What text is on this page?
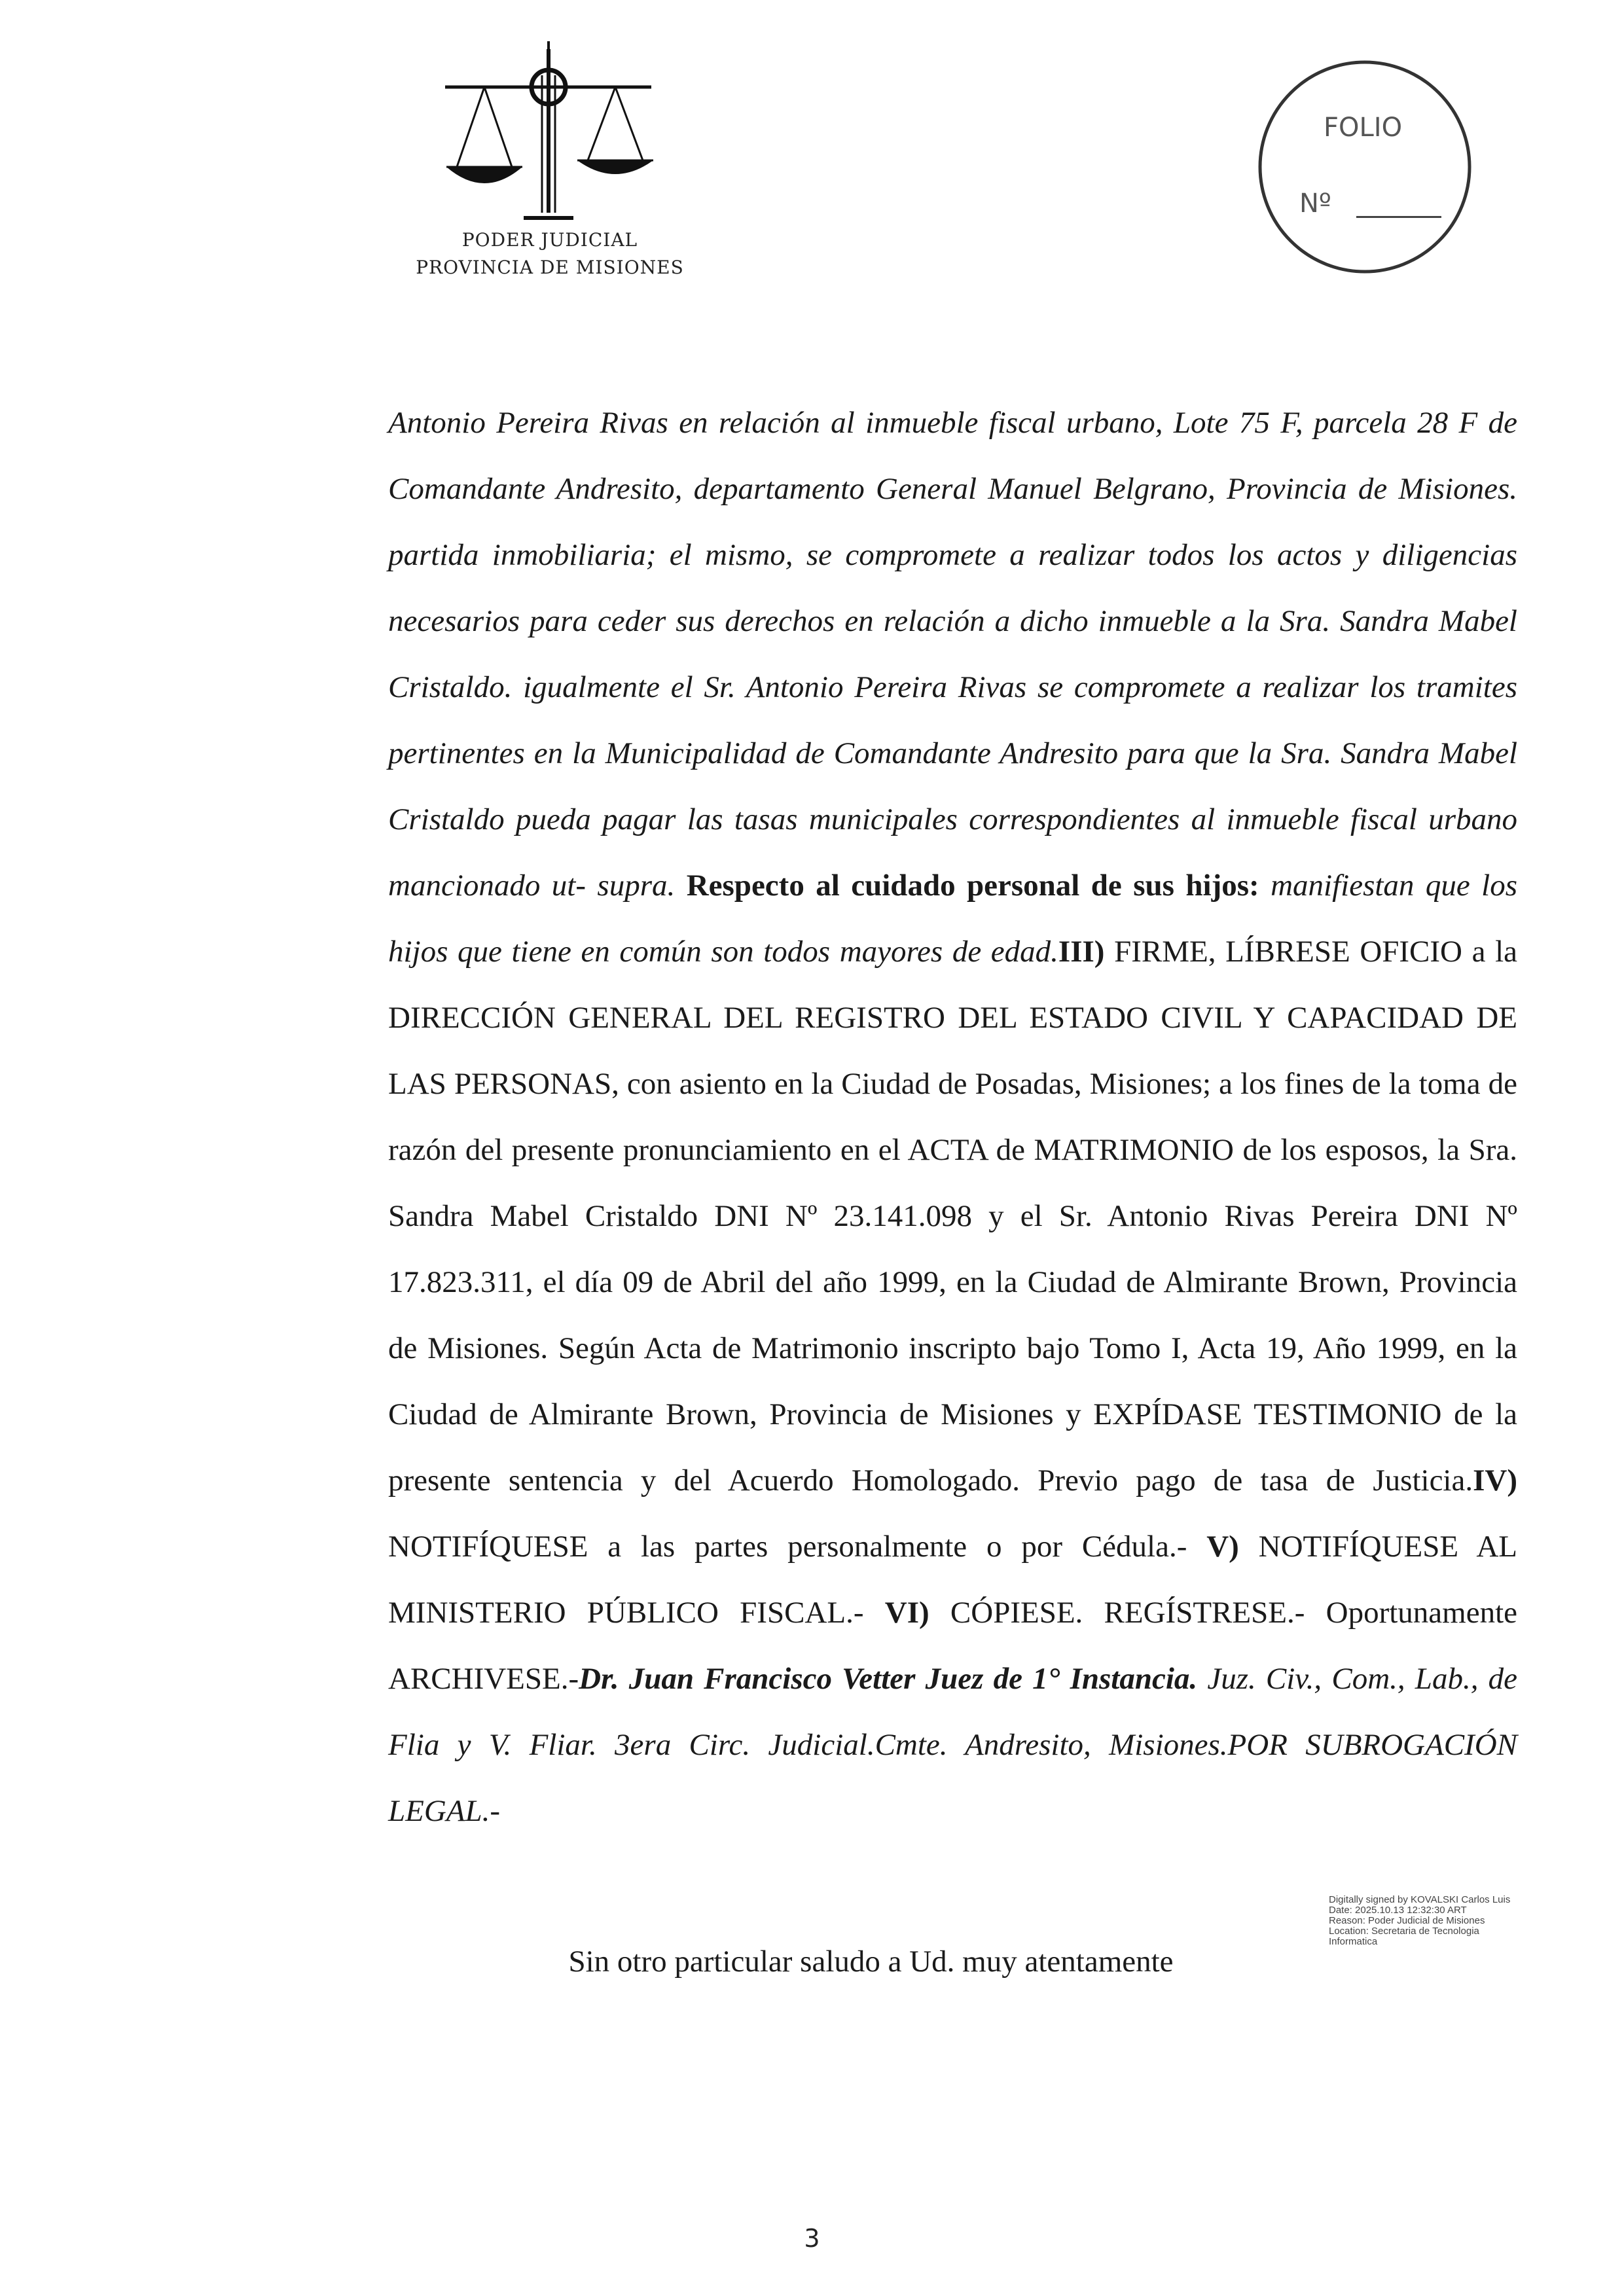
PODER JUDICIAL
PROVINCIA DE MISIONES
FOLIO
Nº
Antonio Pereira Rivas en relación al inmueble fiscal urbano, Lote 75 F, parcela 28 F de Comandante Andresito, departamento General Manuel Belgrano, Provincia de Misiones. partida inmobiliaria; el mismo, se compromete a realizar todos los actos y diligencias necesarios para ceder sus derechos en relación a dicho inmueble a la Sra. Sandra Mabel Cristaldo. igualmente el Sr. Antonio Pereira Rivas se compromete a realizar los tramites pertinentes en la Municipalidad de Comandante Andresito para que la Sra. Sandra Mabel Cristaldo pueda pagar las tasas municipales correspondientes al inmueble fiscal urbano mancionado ut- supra. Respecto al cuidado personal de sus hijos: manifiestan que los hijos que tiene en común son todos mayores de edad.III) FIRME, LÍBRESE OFICIO a la DIRECCIÓN GENERAL DEL REGISTRO DEL ESTADO CIVIL Y CAPACIDAD DE LAS PERSONAS, con asiento en la Ciudad de Posadas, Misiones; a los fines de la toma de razón del presente pronunciamiento en el ACTA de MATRIMONIO de los esposos, la Sra. Sandra Mabel Cristaldo DNI Nº 23.141.098 y el Sr. Antonio Rivas Pereira DNI Nº 17.823.311, el día 09 de Abril del año 1999, en la Ciudad de Almirante Brown, Provincia de Misiones. Según Acta de Matrimonio inscripto bajo Tomo I, Acta 19, Año 1999, en la Ciudad de Almirante Brown, Provincia de Misiones y EXPÍDASE TESTIMONIO de la presente sentencia y del Acuerdo Homologado. Previo pago de tasa de Justicia.IV) NOTIFÍQUESE a las partes personalmente o por Cédula.- V) NOTIFÍQUESE AL MINISTERIO PÚBLICO FISCAL.- VI) CÓPIESE. REGÍSTRESE.- Oportunamente ARCHIVESE.-Dr. Juan Francisco Vetter Juez de 1° Instancia. Juz. Civ., Com., Lab., de Flia y V. Fliar. 3era Circ. Judicial.Cmte. Andresito, Misiones.POR SUBROGACIÓN LEGAL.-
Digitally signed by KOVALSKI Carlos Luis
Date: 2025.10.13 12:32:30 ART
Reason: Poder Judicial de Misiones
Location: Secretaria de Tecnologia
Informatica
Sin otro particular saludo a Ud. muy atentamente
3
